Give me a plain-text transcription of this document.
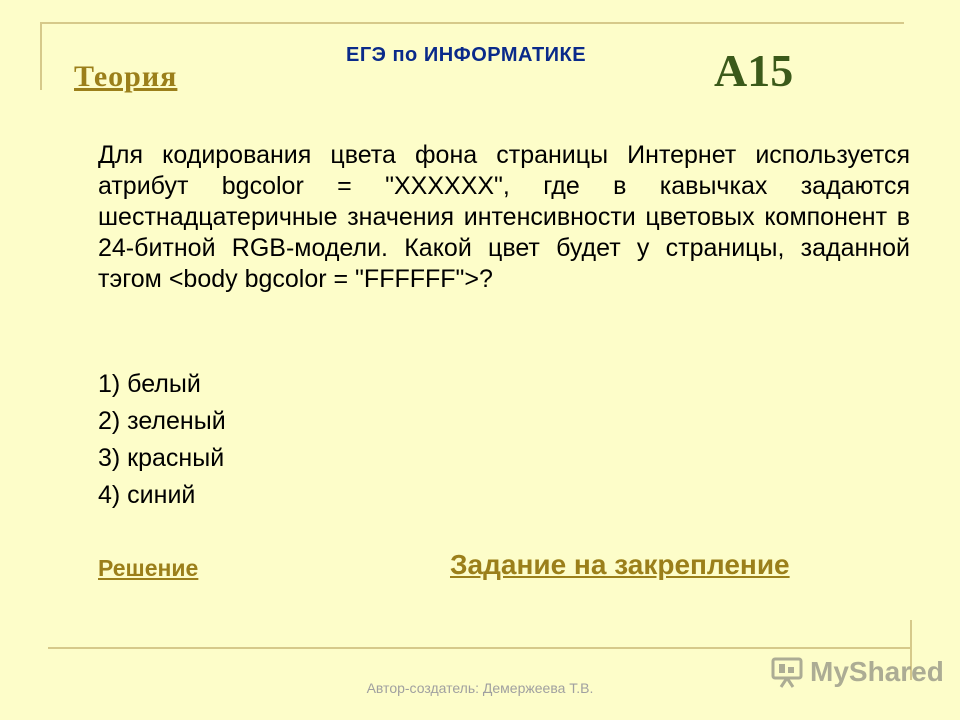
Теория
ЕГЭ по ИНФОРМАТИКЕ	А15
Для кодирования цвета фона страницы Интернет используется атрибут bgcolor = "XXXXXX", где в кавычках задаются шестнадцатеричные значения интенсивности цветовых компонент в 24-битной RGB-модели. Какой цвет будет у страницы, заданной тэгом <body bgcolor = "FFFFFF">?
1) белый
2) зеленый
3) красный
4) синий
Решение	Задание на закрепление
Автор-создатель: Демержеева Т.В.
MyShared
